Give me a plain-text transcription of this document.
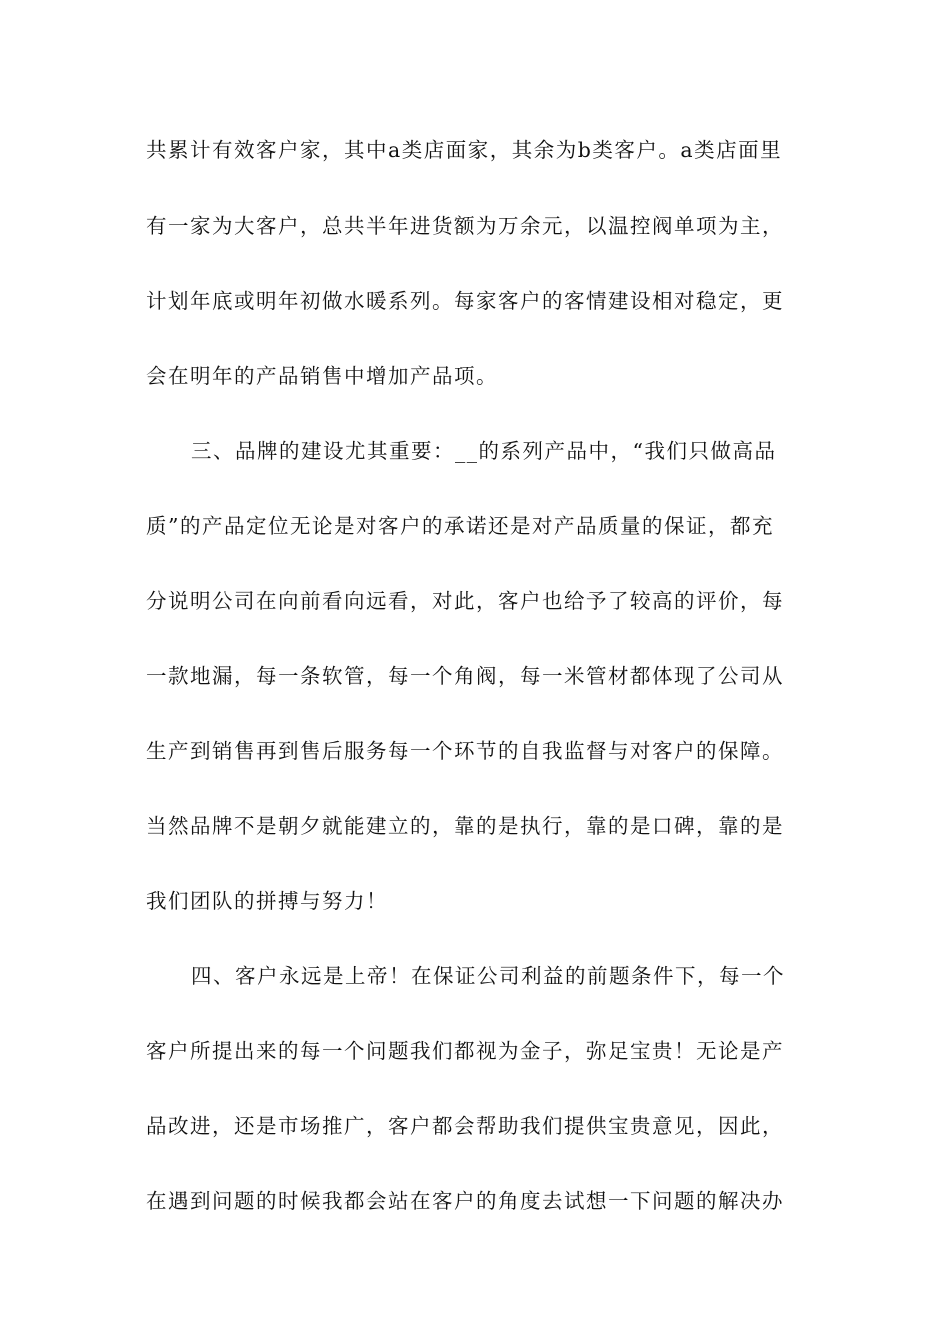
共累计有效客户家，其中a类店面家，其余为b类客户。a类店面里
有一家为大客户，总共半年进货额为万余元，以温控阀单项为主，
计划年底或明年初做水暖系列。每家客户的客情建设相对稳定，更
会在明年的产品销售中增加产品项。
三、品牌的建设尤其重要：__的系列产品中，“我们只做高品
质”的产品定位无论是对客户的承诺还是对产品质量的保证，都充
分说明公司在向前看向远看，对此，客户也给予了较高的评价，每
一款地漏，每一条软管，每一个角阀，每一米管材都体现了公司从
生产到销售再到售后服务每一个环节的自我监督与对客户的保障。
当然品牌不是朝夕就能建立的，靠的是执行，靠的是口碑，靠的是
我们团队的拼搏与努力！
四、客户永远是上帝！在保证公司利益的前题条件下，每一个
客户所提出来的每一个问题我们都视为金子，弥足宝贵！无论是产
品改进，还是市场推广，客户都会帮助我们提供宝贵意见，因此，
在遇到问题的时候我都会站在客户的角度去试想一下问题的解决办
